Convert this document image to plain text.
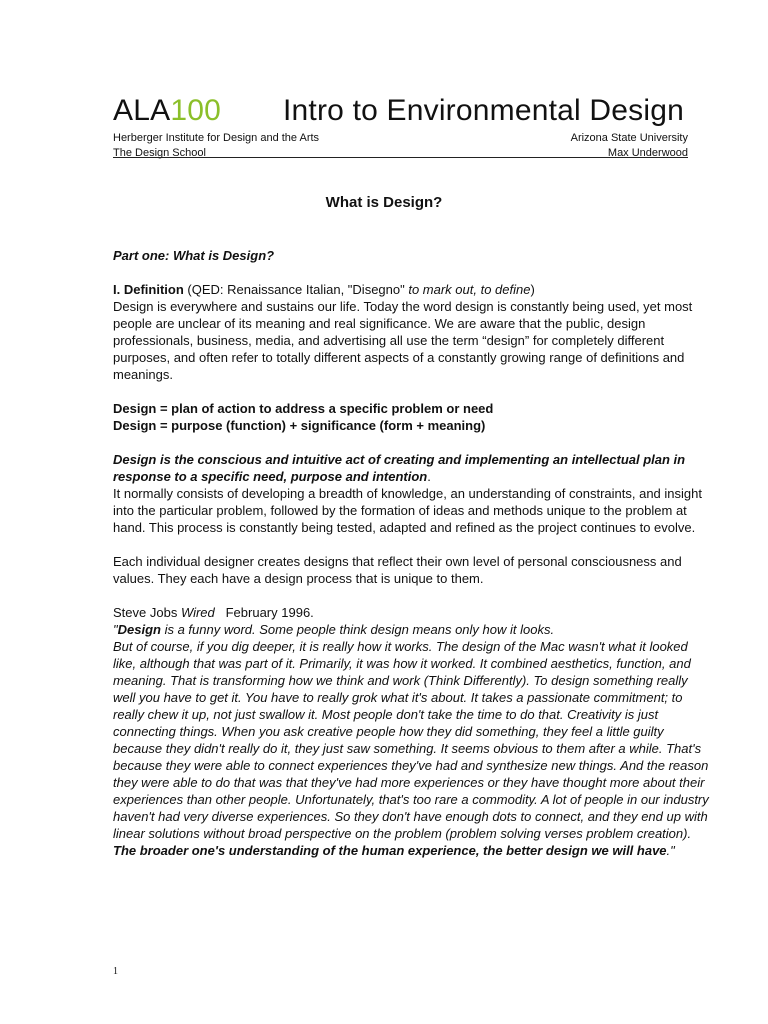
ALA100 Intro to Environmental Design
Herberger Institute for Design and the Arts
The Design School
Arizona State University
Max Underwood
What is Design?

Part one: What is Design?

I. Definition (QED: Renaissance Italian, "Disegno" to mark out, to define)

Design is everywhere and sustains our life. Today the word design is constantly being used, yet most people are unclear of its meaning and real significance. We are aware that the public, design professionals, business, media, and advertising all use the term “design” for completely different purposes, and often refer to totally different aspects of a constantly growing range of definitions and meanings.

Design = plan of action to address a specific problem or need

Design = purpose (function) + significance (form + meaning)

Design is the conscious and intuitive act of creating and implementing an intellectual plan in response to a specific need, purpose and intention.

It normally consists of developing a breadth of knowledge, an understanding of constraints, and insight into the particular problem, followed by the formation of ideas and methods unique to the problem at hand. This process is constantly being tested, adapted and refined as the project continues to evolve.

Each individual designer creates designs that reflect their own level of personal consciousness and values. They each have a design process that is unique to them.

Steve Jobs Wired   February 1996.

"Design is a funny word. Some people think design means only how it looks.

But of course, if you dig deeper, it is really how it works. The design of the Mac wasn't what it looked like, although that was part of it. Primarily, it was how it worked. It combined aesthetics, function, and meaning. That is transforming how we think and work (Think Differently). To design something really well you have to get it. You have to really grok what it's about. It takes a passionate commitment; to really chew it up, not just swallow it. Most people don't take the time to do that. Creativity is just connecting things. When you ask creative people how they did something, they feel a little guilty because they didn't really do it, they just saw something. It seems obvious to them after a while. That's because they were able to connect experiences they've had and synthesize new things. And the reason they were able to do that was that they've had more experiences or they have thought more about their experiences than other people. Unfortunately, that's too rare a commodity. A lot of people in our industry haven't had very diverse experiences. So they don't have enough dots to connect, and they end up with linear solutions without broad perspective on the problem (problem solving verses problem creation). The broader one's understanding of the human experience, the better design we will have."

1
